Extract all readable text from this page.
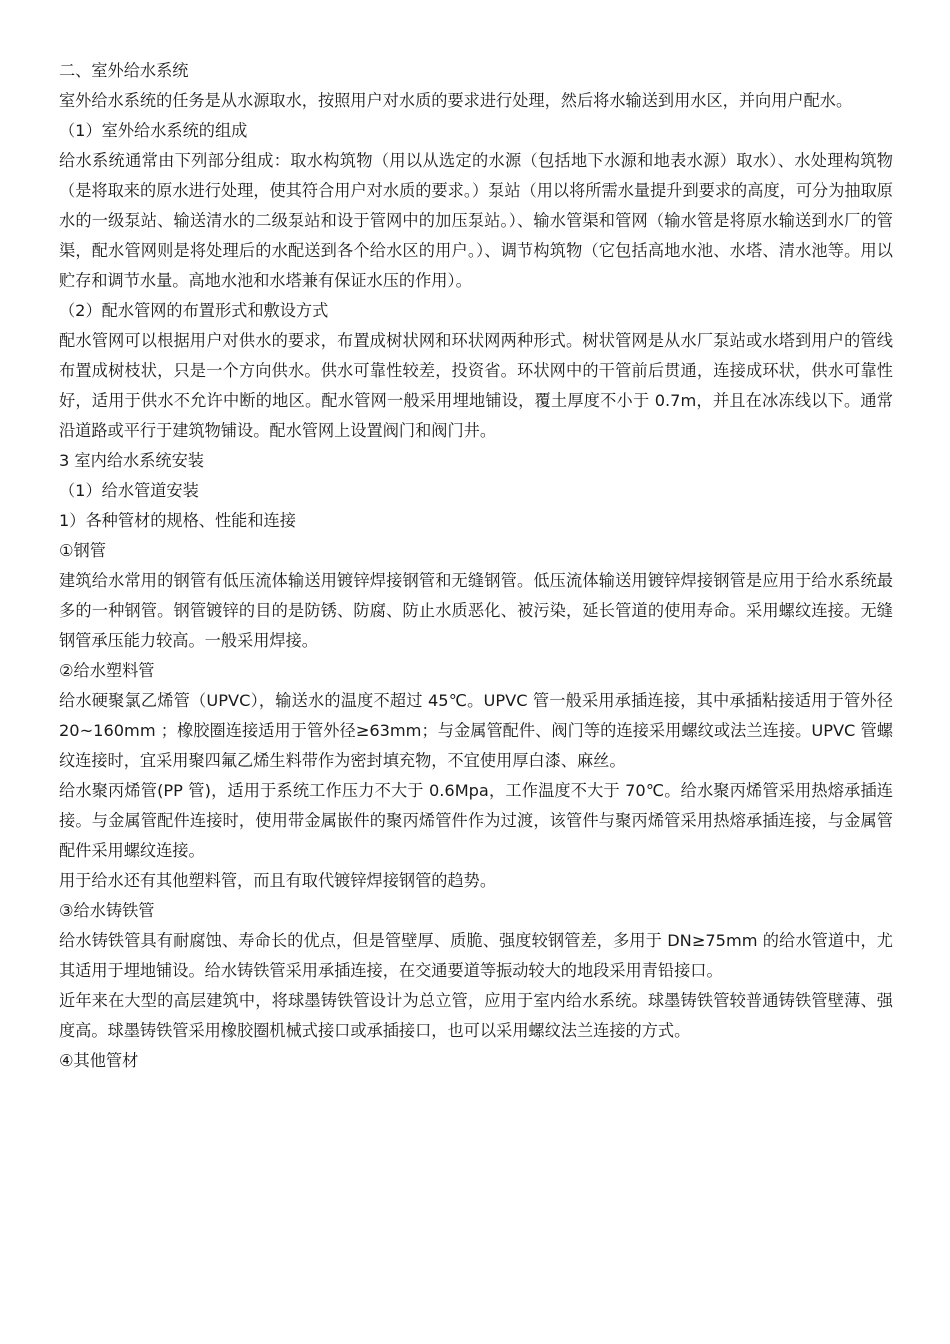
二、室外给水系统

室外给水系统的任务是从水源取水，按照用户对水质的要求进行处理，然后将水输送到用水区，并向用户配水。

（1）室外给水系统的组成

给水系统通常由下列部分组成：取水构筑物（用以从选定的水源（包括地下水源和地表水源）取水）、水处理构筑物（是将取来的原水进行处理，使其符合用户对水质的要求。）泵站（用以将所需水量提升到要求的高度，可分为抽取原水的一级泵站、输送清水的二级泵站和设于管网中的加压泵站。）、输水管渠和管网（输水管是将原水输送到水厂的管渠，配水管网则是将处理后的水配送到各个给水区的用户。）、调节构筑物（它包括高地水池、水塔、清水池等。用以贮存和调节水量。高地水池和水塔兼有保证水压的作用）。

（2）配水管网的布置形式和敷设方式

配水管网可以根据用户对供水的要求，布置成树状网和环状网两种形式。树状管网是从水厂泵站或水塔到用户的管线布置成树枝状，只是一个方向供水。供水可靠性较差，投资省。环状网中的干管前后贯通，连接成环状，供水可靠性好，适用于供水不允许中断的地区。配水管网一般采用埋地铺设，覆土厚度不小于 0.7m，并且在冰冻线以下。通常沿道路或平行于建筑物铺设。配水管网上设置阀门和阀门井。

3 室内给水系统安装

（1）给水管道安装

1）各种管材的规格、性能和连接

①钢管

建筑给水常用的钢管有低压流体输送用镀锌焊接钢管和无缝钢管。低压流体输送用镀锌焊接钢管是应用于给水系统最多的一种钢管。钢管镀锌的目的是防锈、防腐、防止水质恶化、被污染，延长管道的使用寿命。采用螺纹连接。无缝钢管承压能力较高。一般采用焊接。

②给水塑料管

给水硬聚氯乙烯管（UPVC），输送水的温度不超过 45℃。UPVC 管一般采用承插连接，其中承插粘接适用于管外径 20~160mm ；橡胶圈连接适用于管外径≥63mm；与金属管配件、阀门等的连接采用螺纹或法兰连接。UPVC 管螺纹连接时，宜采用聚四氟乙烯生料带作为密封填充物，不宜使用厚白漆、麻丝。

给水聚丙烯管(PP 管)，适用于系统工作压力不大于 0.6Mpa，工作温度不大于 70℃。给水聚丙烯管采用热熔承插连接。与金属管配件连接时，使用带金属嵌件的聚丙烯管件作为过渡，该管件与聚丙烯管采用热熔承插连接，与金属管配件采用螺纹连接。

用于给水还有其他塑料管，而且有取代镀锌焊接钢管的趋势。

③给水铸铁管

给水铸铁管具有耐腐蚀、寿命长的优点，但是管壁厚、质脆、强度较钢管差，多用于 DN≥75mm 的给水管道中，尤其适用于埋地铺设。给水铸铁管采用承插连接，在交通要道等振动较大的地段采用青铅接口。

近年来在大型的高层建筑中，将球墨铸铁管设计为总立管，应用于室内给水系统。球墨铸铁管较普通铸铁管壁薄、强度高。球墨铸铁管采用橡胶圈机械式接口或承插接口，也可以采用螺纹法兰连接的方式。

④其他管材
